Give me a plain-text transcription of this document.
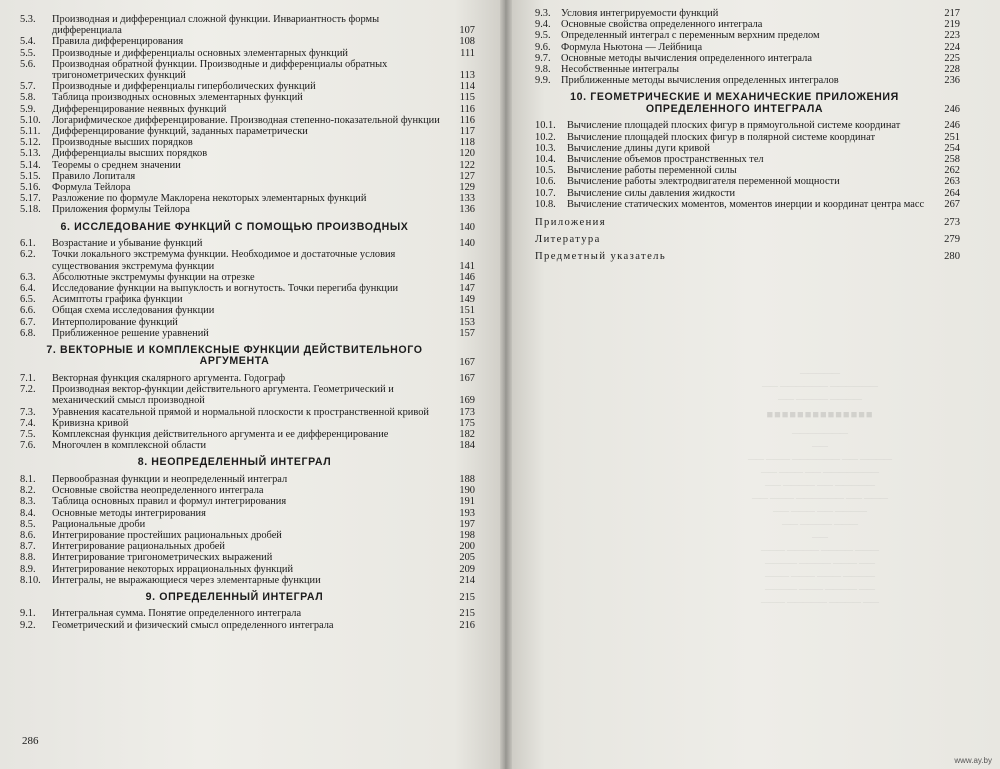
5.3.	Производная и дифференциал сложной функции. Инвариантность формы дифференциала	107
5.4.	Правила дифференцирования	108
5.5.	Производные и дифференциалы основных элементарных функций	111
5.6.	Производная обратной функции. Производные и дифференциалы обратных тригонометрических функций	113
5.7.	Производные и дифференциалы гиперболических функций	114
5.8.	Таблица производных основных элементарных функций	115
5.9.	Дифференцирование неявных функций	116
5.10.	Логарифмическое дифференцирование. Производная степенно-показательной функции	116
5.11.	Дифференцирование функций, заданных параметрически	117
5.12.	Производные высших порядков	118
5.13.	Дифференциалы высших порядков	120
5.14.	Теоремы о среднем значении	122
5.15.	Правило Лопиталя	127
5.16.	Формула Тейлора	129
5.17.	Разложение по формуле Маклорена некоторых элементарных функций	133
5.18.	Приложения формулы Тейлора	136
6. ИССЛЕДОВАНИЕ ФУНКЦИЙ С ПОМОЩЬЮ ПРОИЗВОДНЫХ	140
6.1.	Возрастание и убывание функций	140
6.2.	Точки локального экстремума функции. Необходимое и достаточные условия существования экстремума функции	141
6.3.	Абсолютные экстремумы функции на отрезке	146
6.4.	Исследование функции на выпуклость и вогнутость. Точки перегиба функции	147
6.5.	Асимптоты графика функции	149
6.6.	Общая схема исследования функции	151
6.7.	Интерполирование функций	153
6.8.	Приближенное решение уравнений	157
7. ВЕКТОРНЫЕ И КОМПЛЕКСНЫЕ ФУНКЦИИ ДЕЙСТВИТЕЛЬНОГО АРГУМЕНТА	167
7.1.	Векторная функция скалярного аргумента. Годограф	167
7.2.	Производная вектор-функции действительного аргумента. Геометрический и механический смысл производной	169
7.3.	Уравнения касательной прямой и нормальной плоскости к пространственной кривой	173
7.4.	Кривизна кривой	175
7.5.	Комплексная функция действительного аргумента и ее дифференцирование	182
7.6.	Многочлен в комплексной области	184
8. НЕОПРЕДЕЛЕННЫЙ ИНТЕГРАЛ
8.1.	Первообразная функции и неопределенный интеграл	188
8.2.	Основные свойства неопределенного интеграла	190
8.3.	Таблица основных правил и формул интегрирования	191
8.4.	Основные методы интегрирования	193
8.5.	Рациональные дроби	197
8.6.	Интегрирование простейших рациональных дробей	198
8.7.	Интегрирование рациональных дробей	200
8.8.	Интегрирование тригонометрических выражений	205
8.9.	Интегрирование некоторых иррациональных функций	209
8.10.	Интегралы, не выражающиеся через элементарные функции	214
9. ОПРЕДЕЛЕННЫЙ ИНТЕГРАЛ	215
9.1.	Интегральная сумма. Понятие определенного интеграла	215
9.2.	Геометрический и физический смысл определенного интеграла	216
286
9.3.	Условия интегрируемости функций	217
9.4.	Основные свойства определенного интеграла	219
9.5.	Определенный интеграл с переменным верхним пределом	223
9.6.	Формула Ньютона — Лейбница	224
9.7.	Основные методы вычисления определенного интеграла	225
9.8.	Несобственные интегралы	228
9.9.	Приближенные методы вычисления определенных интегралов	236
10. ГЕОМЕТРИЧЕСКИЕ И МЕХАНИЧЕСКИЕ ПРИЛОЖЕНИЯ ОПРЕДЕЛЕННОГО ИНТЕГРАЛА	246
10.1.	Вычисление площадей плоских фигур в прямоугольной системе координат	246
10.2.	Вычисление площадей плоских фигур в полярной системе координат	251
10.3.	Вычисление длины дуги кривой	254
10.4.	Вычисление объемов пространственных тел	258
10.5.	Вычисление работы переменной силы	262
10.6.	Вычисление работы электродвигателя переменной мощности	263
10.7.	Вычисление силы давления жидкости	264
10.8.	Вычисление статических моментов, моментов инерции и координат центра масс	267
Приложения	273
Литература	279
Предметный указатель	280
—————
—— —————— ——————
—— ———— ————
■■■■■■■■■■■■■■
———————
——
—— ——— —————— —— ————
—— ——— —— ———————
—— ———— —— —————
—— ——— —————— —— ———
—— ——— —— ————
—— ———— ———
——
——— ———— ———— ———
———— ———— ——— ——
——— ——— ——— ————
———— ——— ———— ——
——— ————— ———— ——
www.ay.by
